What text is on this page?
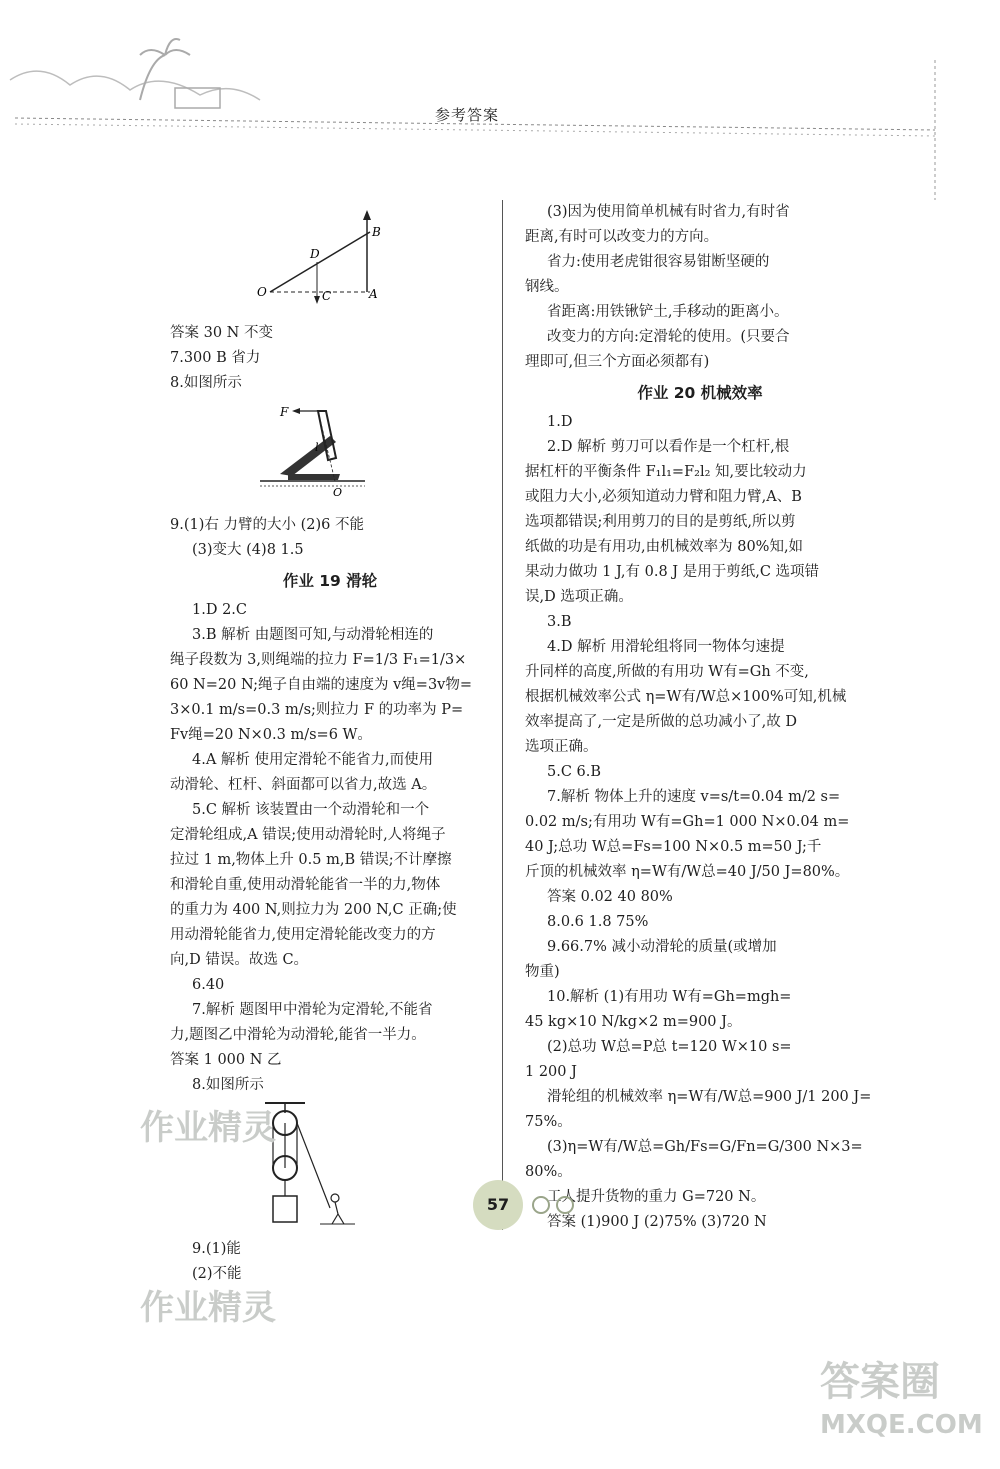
参考答案
B
D
O	C	A

答案 30 N 不变

7.300 B 省力

8.如图所示

F
l
O

9.(1)右 力臂的大小 (2)6 不能

(3)变大 (4)8 1.5

作业 19 滑轮

1.D 2.C

3.B 解析 由题图可知,与动滑轮相连的

绳子段数为 3,则绳端的拉力 F=1/3 F₁=1/3×

60 N=20 N;绳子自由端的速度为 v绳=3v物=

3×0.1 m/s=0.3 m/s;则拉力 F 的功率为 P=

Fv绳=20 N×0.3 m/s=6 W。

4.A 解析 使用定滑轮不能省力,而使用

动滑轮、杠杆、斜面都可以省力,故选 A。

5.C 解析 该装置由一个动滑轮和一个

定滑轮组成,A 错误;使用动滑轮时,人将绳子

拉过 1 m,物体上升 0.5 m,B 错误;不计摩擦

和滑轮自重,使用动滑轮能省一半的力,物体

的重力为 400 N,则拉力为 200 N,C 正确;使

用动滑轮能省力,使用定滑轮能改变力的方

向,D 错误。故选 C。

6.40

7.解析 题图甲中滑轮为定滑轮,不能省

力,题图乙中滑轮为动滑轮,能省一半力。

答案 1 000 N 乙

8.如图所示

9.(1)能

(2)不能

(3)因为使用简单机械有时省力,有时省

距离,有时可以改变力的方向。

省力:使用老虎钳很容易钳断坚硬的

钢线。

省距离:用铁锹铲土,手移动的距离小。

改变力的方向:定滑轮的使用。(只要合

理即可,但三个方面必须都有)

作业 20 机械效率

1.D

2.D 解析 剪刀可以看作是一个杠杆,根

据杠杆的平衡条件 F₁l₁=F₂l₂ 知,要比较动力

或阻力大小,必须知道动力臂和阻力臂,A、B

选项都错误;利用剪刀的目的是剪纸,所以剪

纸做的功是有用功,由机械效率为 80%知,如

果动力做功 1 J,有 0.8 J 是用于剪纸,C 选项错

误,D 选项正确。

3.B

4.D 解析 用滑轮组将同一物体匀速提

升同样的高度,所做的有用功 W有=Gh 不变,

根据机械效率公式 η=W有/W总×100%可知,机械

效率提高了,一定是所做的总功减小了,故 D

选项正确。

5.C 6.B

7.解析 物体上升的速度 v=s/t=0.04 m/2 s=

0.02 m/s;有用功 W有=Gh=1 000 N×0.04 m=

40 J;总功 W总=Fs=100 N×0.5 m=50 J;千

斤顶的机械效率 η=W有/W总=40 J/50 J=80%。

答案 0.02 40 80%

8.0.6 1.8 75%

9.66.7% 减小动滑轮的质量(或增加

物重)

10.解析 (1)有用功 W有=Gh=mgh=

45 kg×10 N/kg×2 m=900 J。

(2)总功 W总=P总 t=120 W×10 s=

1 200 J

滑轮组的机械效率 η=W有/W总=900 J/1 200 J=

75%。

(3)η=W有/W总=Gh/Fs=G/Fn=G/300 N×3=

80%。

工人提升货物的重力 G=720 N。

答案 (1)900 J (2)75% (3)720 N

57
作业精灵
作业精灵
答案圈
MXQE.COM
